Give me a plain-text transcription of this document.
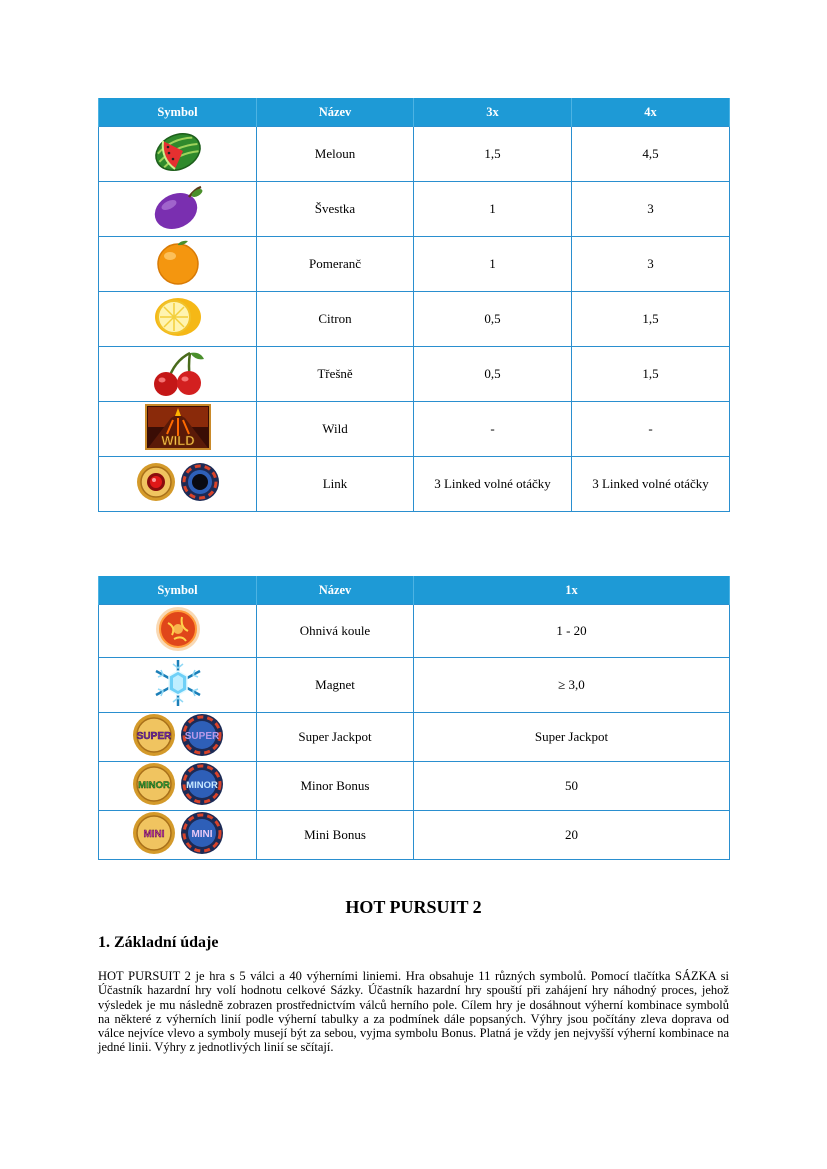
Symbol	Název	3x	4x

	Meloun	1,5	4,5

	Švestka	1	3

	Pomeranč	1	3

	Citron	0,5	1,5

	Třešně	0,5	1,5

WILD	Wild	-	-

	Link	3 Linked volné otáčky	3 Linked volné otáčky
Symbol	Název	1x

	Ohnivá koule	1 - 20

	Magnet	≥ 3,0

SUPER SUPER	Super Jackpot	Super Jackpot

MINOR MINOR	Minor Bonus	50

MINI MINI	Mini Bonus	20
HOT PURSUIT 2
1. Základní údaje

HOT PURSUIT 2 je hra s 5 válci a 40 výherními liniemi. Hra obsahuje 11 různých symbolů. Pomocí tlačítka SÁZKA si Účastník hazardní hry volí hodnotu celkové Sázky. Účastník hazardní hry spouští při zahájení hry náhodný proces, jehož výsledek je mu následně zobrazen prostřednictvím válců herního pole. Cílem hry je dosáhnout výherní kombinace symbolů na některé z výherních linií podle výherní tabulky a za podmínek dále popsaných. Výhry jsou počítány zleva doprava od válce nejvíce vlevo a symboly musejí být za sebou, vyjma symbolu Bonus. Platná je vždy jen nejvyšší výherní kombinace na jedné linii. Výhry z jednotlivých linií se sčítají.
